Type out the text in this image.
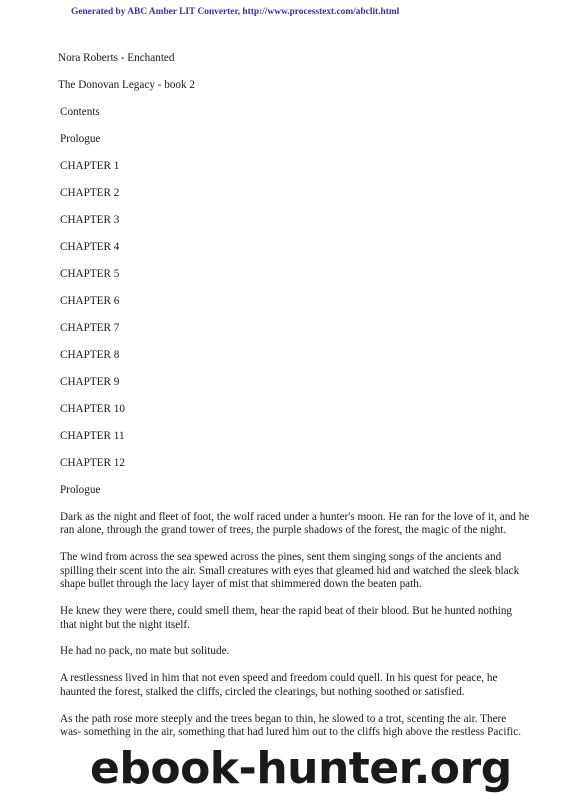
Generated by ABC Amber LIT Converter, http://www.processtext.com/abclit.html

Nora Roberts - Enchanted

The Donovan Legacy - book 2

Contents

Prologue

CHAPTER 1

CHAPTER 2

CHAPTER 3

CHAPTER 4

CHAPTER 5

CHAPTER 6

CHAPTER 7

CHAPTER 8

CHAPTER 9

CHAPTER 10

CHAPTER 11

CHAPTER 12

Prologue

Dark as the night and fleet of foot, the wolf raced under a hunter's moon. He ran for the love of it, and he ran alone, through the grand tower of trees, the purple shadows of the forest, the magic of the night.

The wind from across the sea spewed across the pines, sent them singing songs of the ancients and spilling their scent into the air. Small creatures with eyes that gleamed hid and watched the sleek black shape bullet through the lacy layer of mist that shimmered down the beaten path.

He knew they were there, could smell them, hear the rapid beat of their blood. But he hunted nothing that night but the night itself.

He had no pack, no mate but solitude.

A restlessness lived in him that not even speed and freedom could quell. In his quest for peace, he haunted the forest, stalked the cliffs, circled the clearings, but nothing soothed or satisfied.

As the path rose more steeply and the trees began to thin, he slowed to a trot, scenting the air. There was- something in the air, something that had lured him out to the cliffs high above the restless Pacific.

ebook-hunter.org
